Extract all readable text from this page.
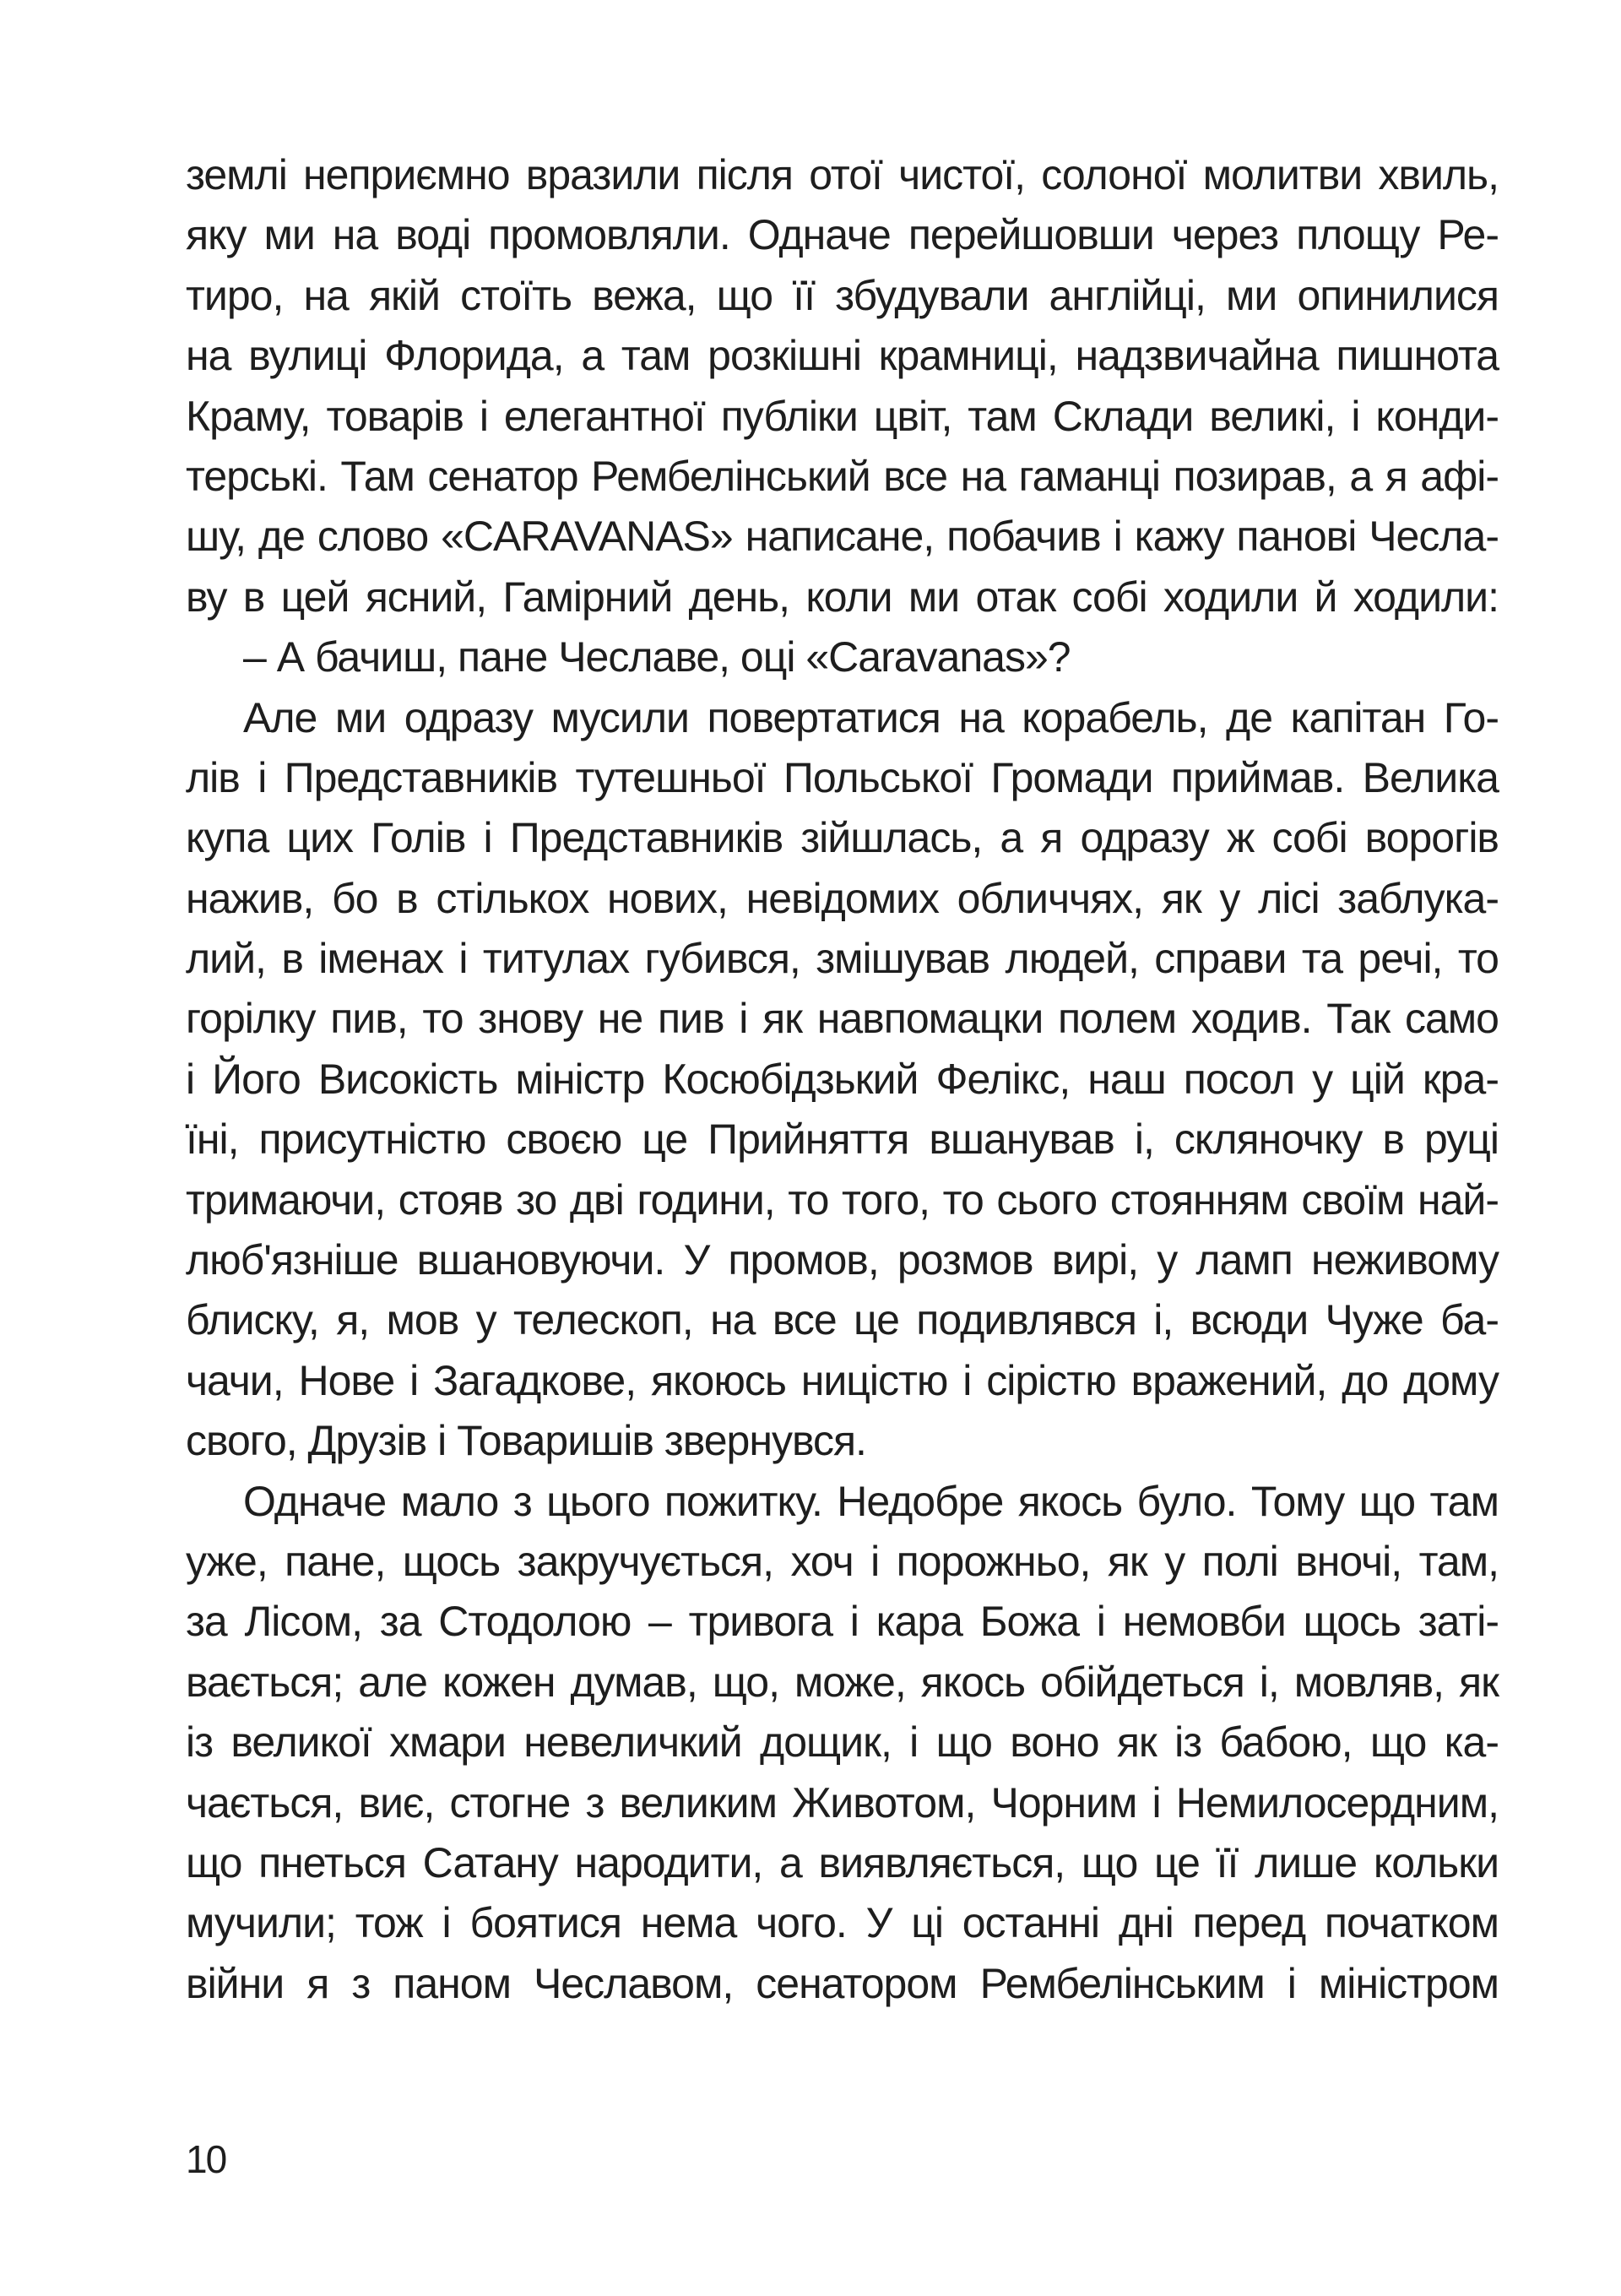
землі неприємно вразили після отої чистої, солоної молитви хвиль,
яку ми на воді промовляли. Одначе перейшовши через площу Ре-
тиро, на якій стоїть вежа, що її збудували англійці, ми опинилися
на вулиці Флорида, а там розкішні крамниці, надзвичайна пишнота
Краму, товарів і елегантної публіки цвіт, там Склади великі, і конди-
терські. Там сенатор Рембелінський все на гаманці позирав, а я афі-
шу, де слово «CARAVANAS» написане, побачив і кажу панові Чесла-
ву в цей ясний, Гамірний день, коли ми отак собі ходили й ходили:
– А бачиш, пане Чеславе, оці «Caravanas»?
Але ми одразу мусили повертатися на корабель, де капітан Го-
лів і Представників тутешньої Польської Громади приймав. Велика
купа цих Голів і Представників зійшлась, а я одразу ж собі ворогів
нажив, бо в стількох нових, невідомих обличчях, як у лісі заблука-
лий, в іменах і титулах губився, змішував людей, справи та речі, то
горілку пив, то знову не пив і як навпомацки полем ходив. Так само
і Його Високість міністр Косюбідзький Фелікс, наш посол у цій кра-
їні, присутністю своєю це Прийняття вшанував і, скляночку в руці
тримаючи, стояв зо дві години, то того, то сього стоянням своїм най-
люб'язніше вшановуючи. У промов, розмов вирі, у ламп неживому
блиску, я, мов у телескоп, на все це подивлявся і, всюди Чуже ба-
чачи, Нове і Загадкове, якоюсь ницістю і сірістю вражений, до дому
свого, Друзів і Товаришів звернувся.
Одначе мало з цього пожитку. Недобре якось було. Тому що там
уже, пане, щось закручується, хоч і порожньо, як у полі вночі, там,
за Лісом, за Стодолою – тривога і кара Божа і немовби щось заті-
вається; але кожен думав, що, може, якось обійдеться і, мовляв, як
із великої хмари невеличкий дощик, і що воно як із бабою, що ка-
чається, виє, стогне з великим Животом, Чорним і Немилосердним,
що пнеться Сатану народити, а виявляється, що це її лише кольки
мучили; тож і боятися нема чого. У ці останні дні перед початком
війни я з паном Чеславом, сенатором Рембелінським і міністром
10
